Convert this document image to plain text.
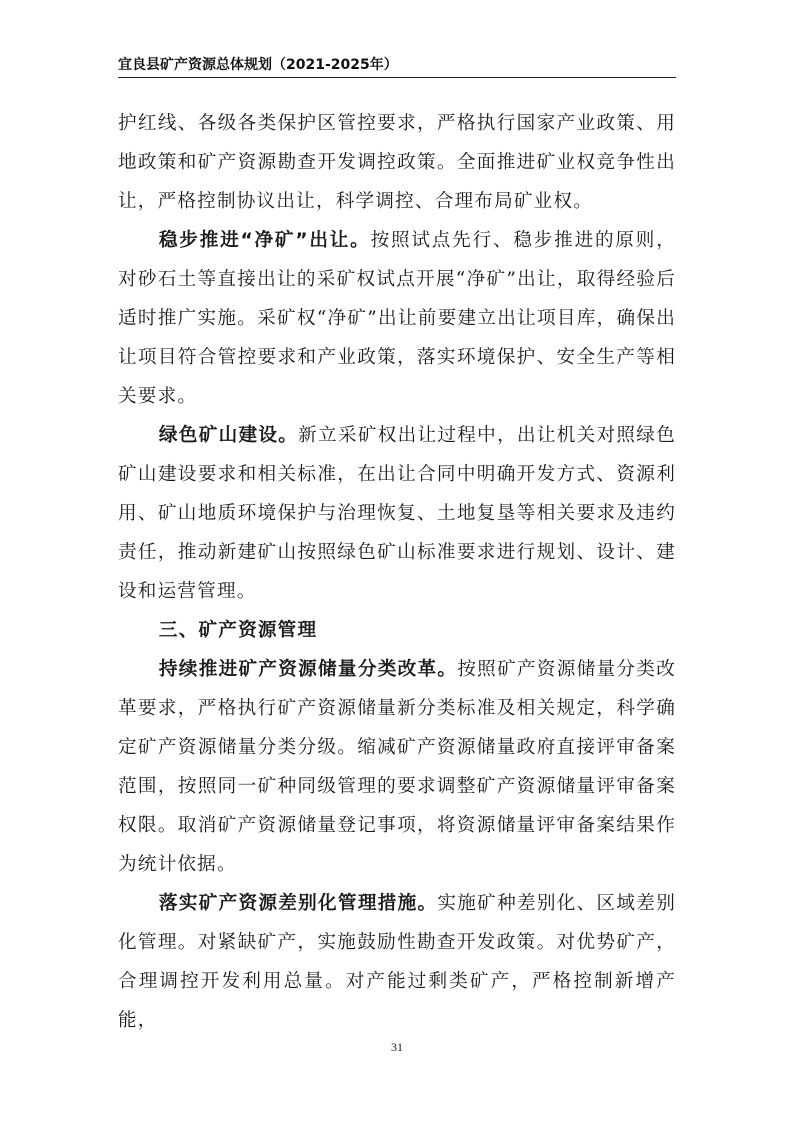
宜良县矿产资源总体规划（2021-2025年）

护红线、各级各类保护区管控要求，严格执行国家产业政策、用地政策和矿产资源勘查开发调控政策。全面推进矿业权竞争性出让，严格控制协议出让，科学调控、合理布局矿业权。

稳步推进“净矿”出让。按照试点先行、稳步推进的原则，对砂石土等直接出让的采矿权试点开展“净矿”出让，取得经验后适时推广实施。采矿权“净矿”出让前要建立出让项目库，确保出让项目符合管控要求和产业政策，落实环境保护、安全生产等相关要求。

绿色矿山建设。新立采矿权出让过程中，出让机关对照绿色矿山建设要求和相关标准，在出让合同中明确开发方式、资源利用、矿山地质环境保护与治理恢复、土地复垦等相关要求及违约责任，推动新建矿山按照绿色矿山标准要求进行规划、设计、建设和运营管理。

三、矿产资源管理

持续推进矿产资源储量分类改革。按照矿产资源储量分类改革要求，严格执行矿产资源储量新分类标准及相关规定，科学确定矿产资源储量分类分级。缩减矿产资源储量政府直接评审备案范围，按照同一矿种同级管理的要求调整矿产资源储量评审备案权限。取消矿产资源储量登记事项，将资源储量评审备案结果作为统计依据。

落实矿产资源差别化管理措施。实施矿种差别化、区域差别化管理。对紧缺矿产，实施鼓励性勘查开发政策。对优势矿产，合理调控开发利用总量。对产能过剩类矿产，严格控制新增产能，

31
